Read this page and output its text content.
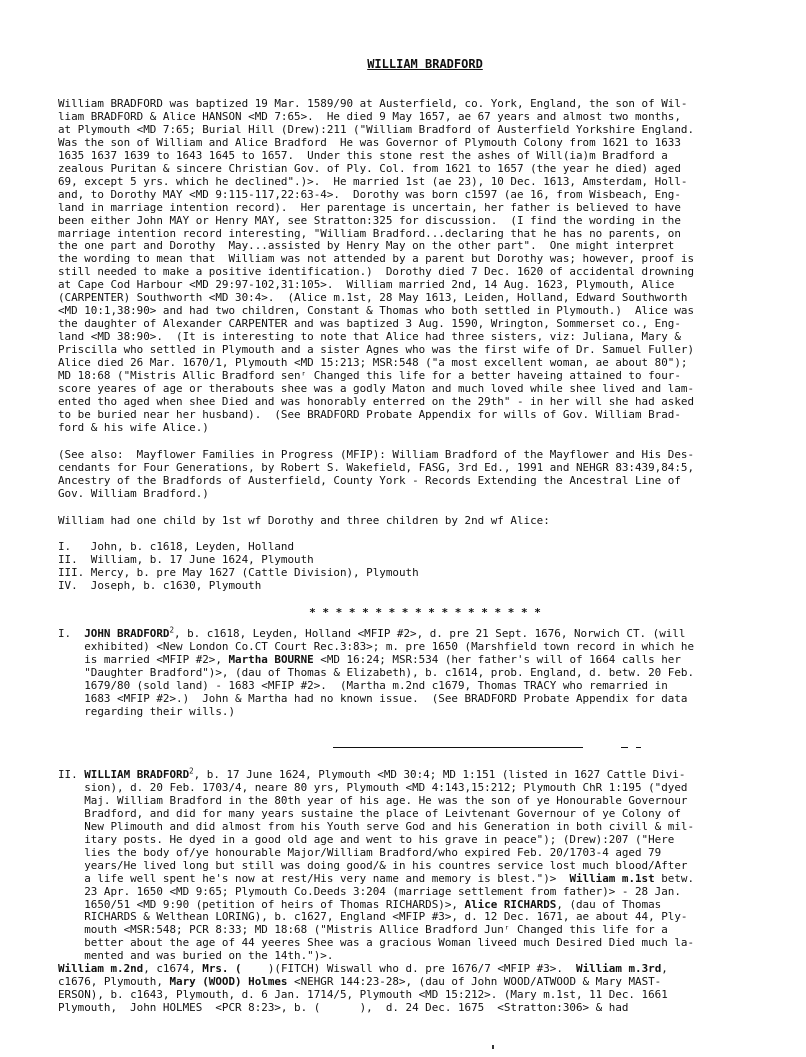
WILLIAM BRADFORD
William BRADFORD was baptized 19 Mar. 1589/90 at Austerfield, co. York, England, the son of Wil-
liam BRADFORD & Alice HANSON <MD 7:65>.  He died 9 May 1657, ae 67 years and almost two months,
at Plymouth <MD 7:65; Burial Hill (Drew):211 ("William Bradford of Austerfield Yorkshire England.
Was the son of William and Alice Bradford  He was Governor of Plymouth Colony from 1621 to 1633
1635 1637 1639 to 1643 1645 to 1657.  Under this stone rest the ashes of Will(ia)m Bradford a
zealous Puritan & sincere Christian Gov. of Ply. Col. from 1621 to 1657 (the year he died) aged
69, except 5 yrs. which he declined".)>.  He married 1st (ae 23), 10 Dec. 1613, Amsterdam, Holl-
and, to Dorothy MAY <MD 9:115-117,22:63-4>.  Dorothy was born c1597 (ae 16, from Wisbeach, Eng-
land in marriage intention record).  Her parentage is uncertain, her father is believed to have
been either John MAY or Henry MAY, see Stratton:325 for discussion.  (I find the wording in the
marriage intention record interesting, "William Bradford...declaring that he has no parents, on
the one part and Dorothy  May...assisted by Henry May on the other part".  One might interpret
the wording to mean that  William was not attended by a parent but Dorothy was; however, proof is
still needed to make a positive identification.)  Dorothy died 7 Dec. 1620 of accidental drowning
at Cape Cod Harbour <MD 29:97-102,31:105>.  William married 2nd, 14 Aug. 1623, Plymouth, Alice
(CARPENTER) Southworth <MD 30:4>.  (Alice m.1st, 28 May 1613, Leiden, Holland, Edward Southworth
<MD 10:1,38:90> and had two children, Constant & Thomas who both settled in Plymouth.)  Alice was
the daughter of Alexander CARPENTER and was baptized 3 Aug. 1590, Wrington, Sommerset co., Eng-
land <MD 38:90>.  (It is interesting to note that Alice had three sisters, viz: Juliana, Mary &
Priscilla who settled in Plymouth and a sister Agnes who was the first wife of Dr. Samuel Fuller)
Alice died 26 Mar. 1670/1, Plymouth <MD 15:213; MSR:548 ("a most excellent woman, ae about 80");
MD 18:68 ("Mistris Allic Bradford senʳ Changed this life for a better haveing attained to four-
score yeares of age or therabouts shee was a godly Maton and much loved while shee lived and lam-
ented tho aged when shee Died and was honorably enterred on the 29th" - in her will she had asked
to be buried near her husband).  (See BRADFORD Probate Appendix for wills of Gov. William Brad-
ford & his wife Alice.)
(See also:  Mayflower Families in Progress (MFIP): William Bradford of the Mayflower and His Des-
cendants for Four Generations, by Robert S. Wakefield, FASG, 3rd Ed., 1991 and NEHGR 83:439,84:5,
Ancestry of the Bradfords of Austerfield, County York - Records Extending the Ancestral Line of
Gov. William Bradford.)
William had one child by 1st wf Dorothy and three children by 2nd wf Alice:
I.   John, b. c1618, Leyden, Holland
II.  William, b. 17 June 1624, Plymouth
III. Mercy, b. pre May 1627 (Cattle Division), Plymouth
IV.  Joseph, b. c1630, Plymouth
* * * * * * * * * * * * * * * * * *
I.  JOHN BRADFORD$^2$, b. c1618, Leyden, Holland <MFIP #2>, d. pre 21 Sept. 1676, Norwich CT. (will
exhibited) <New London Co.CT Court Rec.3:83>; m. pre 1650 (Marshfield town record in which he
is married <MFIP #2>, Martha BOURNE <MD 16:24; MSR:534 (her father's will of 1664 calls her
"Daughter Bradford")>, (dau of Thomas & Elizabeth), b. c1614, prob. England, d. betw. 20 Feb.
1679/80 (sold land) - 1683 <MFIP #2>.  (Martha m.2nd c1679, Thomas TRACY who remarried in
1683 <MFIP #2>.)  John & Martha had no known issue.  (See BRADFORD Probate Appendix for data
regarding their wills.)
II. WILLIAM BRADFORD$^2$, b. 17 June 1624, Plymouth <MD 30:4; MD 1:151 (listed in 1627 Cattle Divi-
sion), d. 20 Feb. 1703/4, neare 80 yrs, Plymouth <MD 4:143,15:212; Plymouth ChR 1:195 ("dyed
Maj. William Bradford in the 80th year of his age. He was the son of ye Honourable Governour
Bradford, and did for many years sustaine the place of Leivtenant Governour of ye Colony of
New Plimouth and did almost from his Youth serve God and his Generation in both civill & mil-
itary posts. He dyed in a good old age and went to his grave in peace"); (Drew):207 ("Here
lies the body of/ye honourable Major/William Bradford/who expired Feb. 20/1703-4 aged 79
years/He lived long but still was doing good/& in his countres service lost much blood/After
a life well spent he's now at rest/His very name and memory is blest.")>  William m.1st betw.
23 Apr. 1650 <MD 9:65; Plymouth Co.Deeds 3:204 (marriage settlement from father)> - 28 Jan.
1650/51 <MD 9:90 (petition of heirs of Thomas RICHARDS)>, Alice RICHARDS, (dau of Thomas
RICHARDS & Welthean LORING), b. c1627, England <MFIP #3>, d. 12 Dec. 1671, ae about 44, Ply-
mouth <MSR:548; PCR 8:33; MD 18:68 ("Mistris Allice Bradford Junʳ Changed this life for a
better about the age of 44 yeeres Shee was a gracious Woman liveed much Desired Died much la-
mented and was buried on the 14th.")>.
William m.2nd, c1674, Mrs. (    )(FITCH) Wiswall who d. pre 1676/7 <MFIP #3>.  William m.3rd,
c1676, Plymouth, Mary (WOOD) Holmes <NEHGR 144:23-28>, (dau of John WOOD/ATWOOD & Mary MAST-
ERSON), b. c1643, Plymouth, d. 6 Jan. 1714/5, Plymouth <MD 15:212>. (Mary m.1st, 11 Dec. 1661
Plymouth,  John HOLMES  <PCR 8:23>, b. (      ),  d. 24 Dec. 1675  <Stratton:306> & had
